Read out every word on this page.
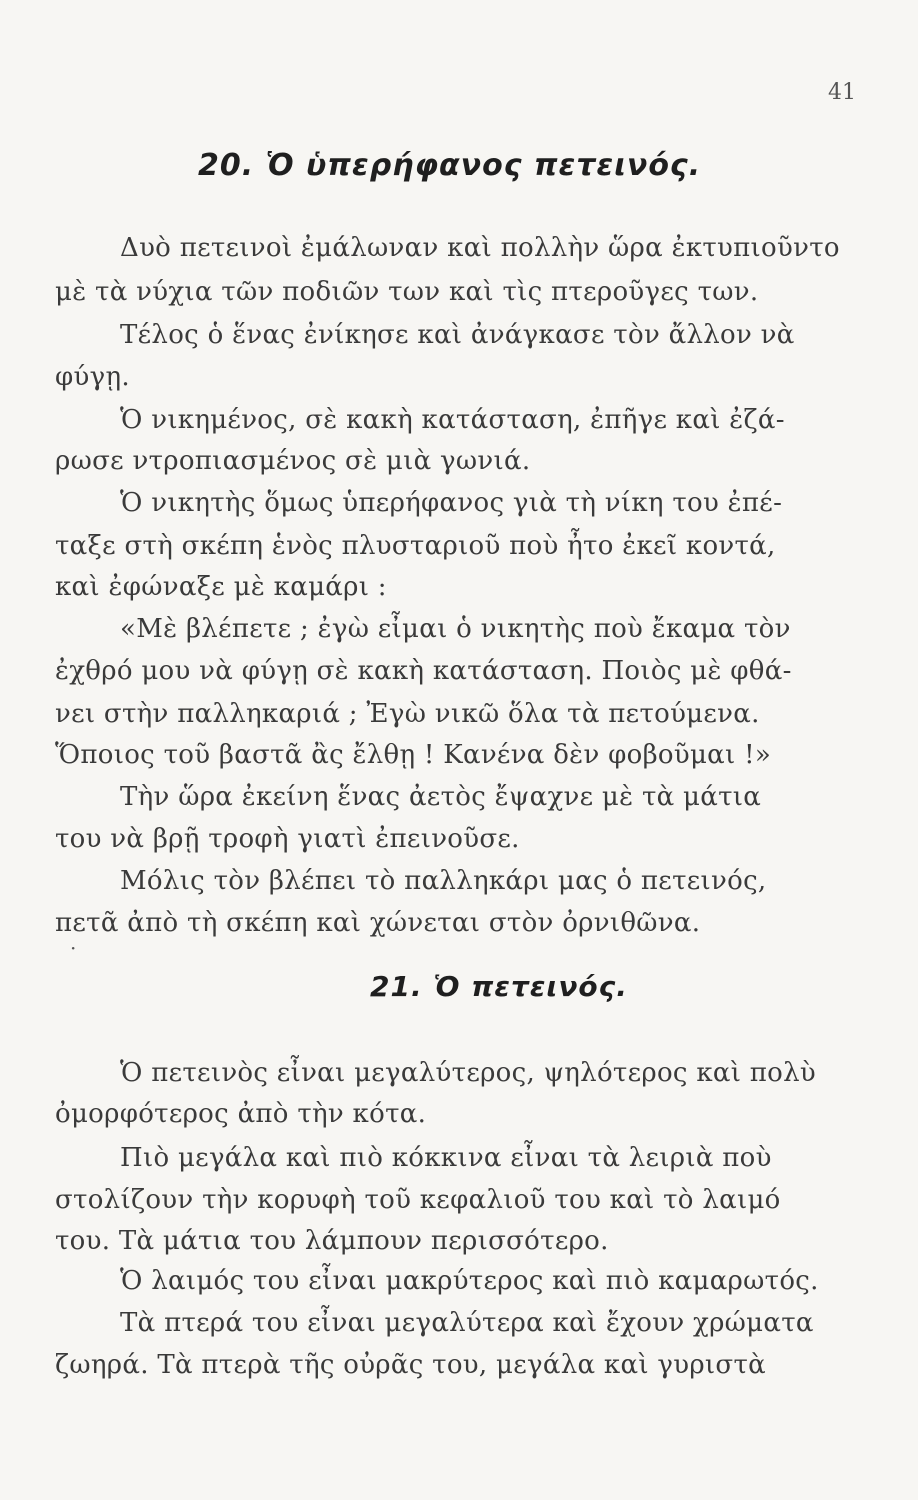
41
20. Ὁ ὑπερήφανος πετεινός.
Δυὸ πετεινοὶ ἐμάλωναν καὶ πολλὴν ὥρα ἐκτυπιοῦντο
μὲ τὰ νύχια τῶν ποδιῶν των καὶ τὶς πτεροῦγες των.
Τέλος ὁ ἕνας ἐνίκησε καὶ ἀνάγκασε τὸν ἄλλον νὰ
φύγῃ.
Ὁ νικημένος, σὲ κακὴ κατάσταση, ἐπῆγε καὶ ἐζά-
ρωσε ντροπιασμένος σὲ μιὰ γωνιά.
Ὁ νικητὴς ὅμως ὑπερήφανος γιὰ τὴ νίκη του ἐπέ-
ταξε στὴ σκέπη ἑνὸς πλυσταριοῦ ποὺ ἦτο ἐκεῖ κοντά,
καὶ ἐφώναξε μὲ καμάρι :
«Μὲ βλέπετε ; ἐγὼ εἶμαι ὁ νικητὴς ποὺ ἔκαμα τὸν
ἐχθρό μου νὰ φύγῃ σὲ κακὴ κατάσταση. Ποιὸς μὲ φθά-
νει στὴν παλληκαριά ; Ἐγὼ νικῶ ὅλα τὰ πετούμενα.
Ὅποιος τοῦ βαστᾶ ἂς ἔλθῃ ! Κανένα δὲν φοβοῦμαι !»
Τὴν ὥρα ἐκείνη ἕνας ἀετὸς ἔψαχνε μὲ τὰ μάτια
του νὰ βρῇ τροφὴ γιατὶ ἐπεινοῦσε.
Μόλις τὸν βλέπει τὸ παλληκάρι μας ὁ πετεινός,
πετᾶ ἀπὸ τὴ σκέπη καὶ χώνεται στὸν ὀρνιθῶνα.
·
21. Ὁ πετεινός.
Ὁ πετεινὸς εἶναι μεγαλύτερος, ψηλότερος καὶ πολὺ
ὀμορφότερος ἀπὸ τὴν κότα.
Πιὸ μεγάλα καὶ πιὸ κόκκινα εἶναι τὰ λειριὰ ποὺ
στολίζουν τὴν κορυφὴ τοῦ κεφαλιοῦ του καὶ τὸ λαιμό
του. Τὰ μάτια του λάμπουν περισσότερο.
Ὁ λαιμός του εἶναι μακρύτερος καὶ πιὸ καμαρωτός.
Τὰ πτερά του εἶναι μεγαλύτερα καὶ ἔχουν χρώματα
ζωηρά. Τὰ πτερὰ τῆς οὐρᾶς του, μεγάλα καὶ γυριστὰ
